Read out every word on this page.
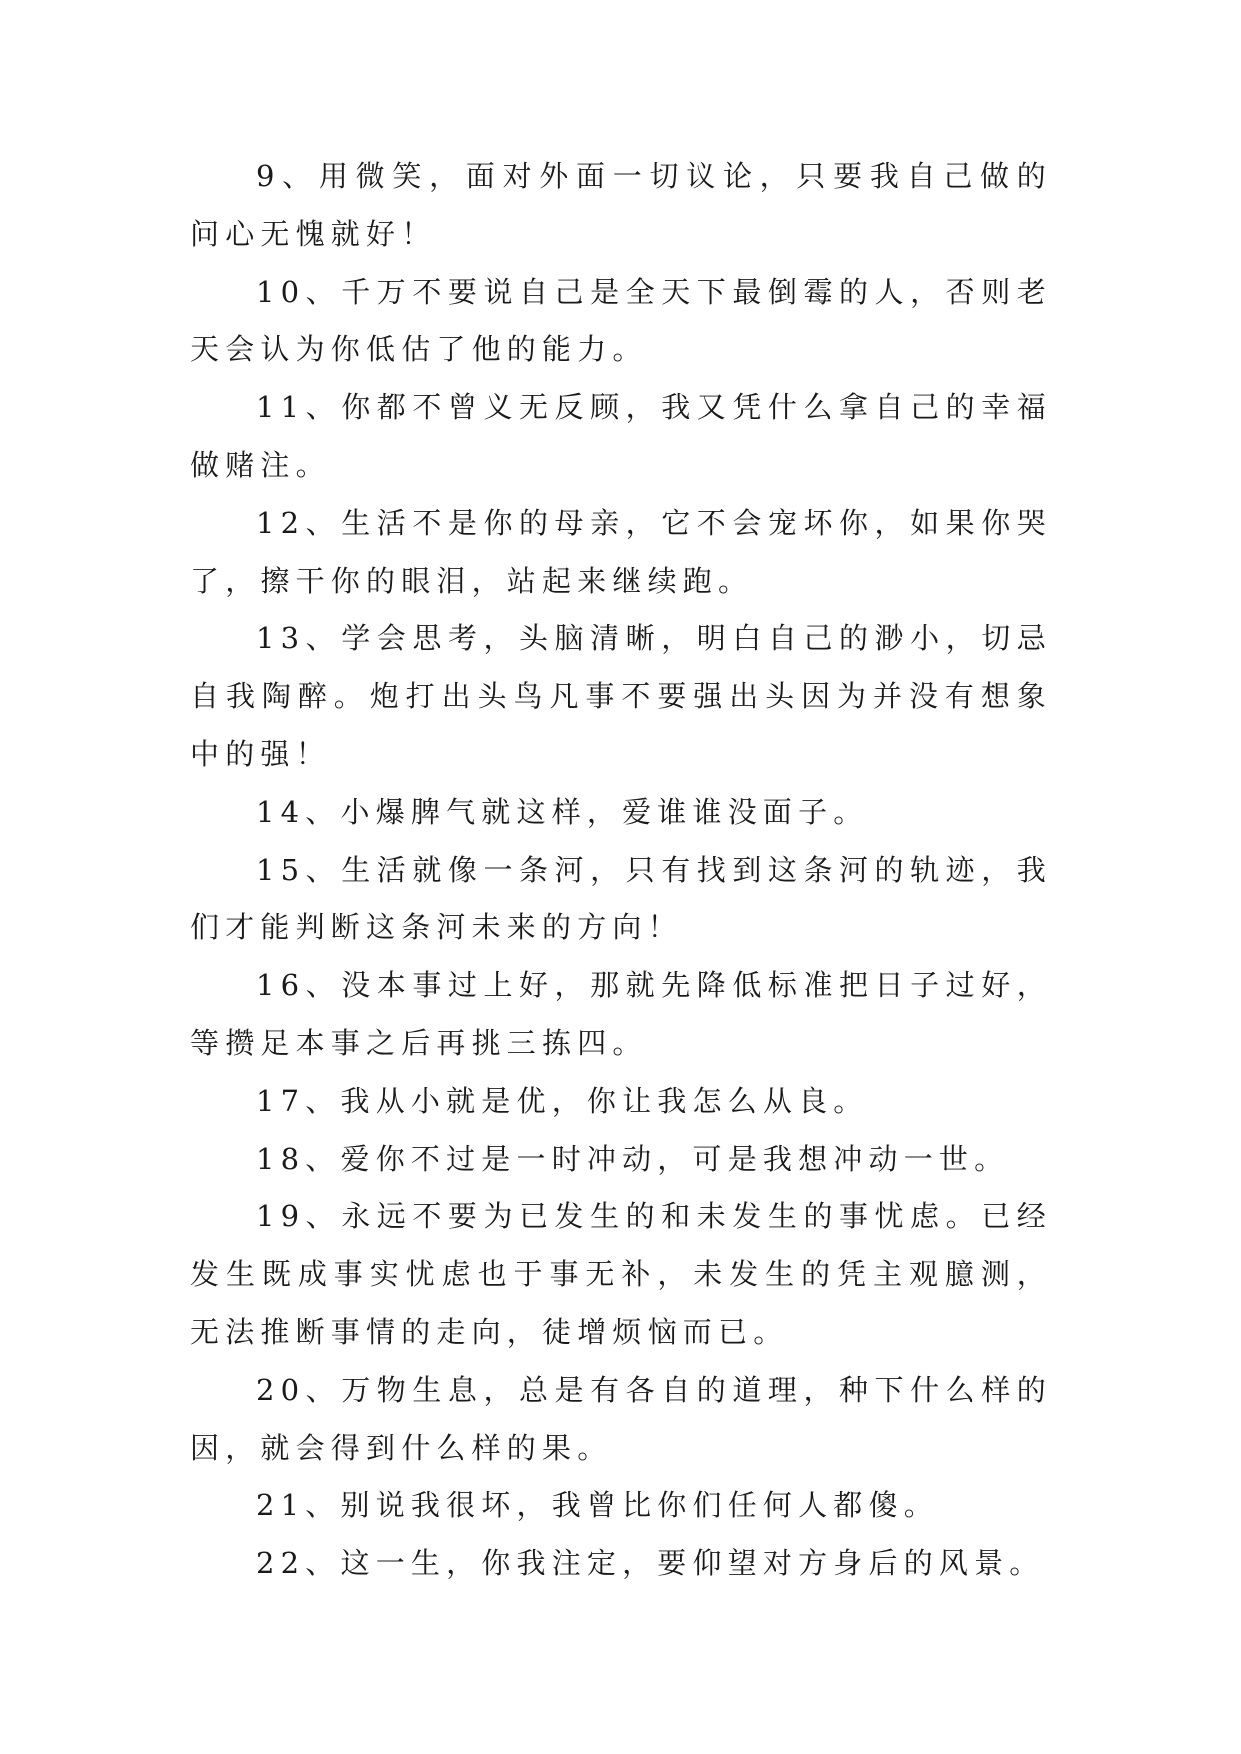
9、用微笑，面对外面一切议论，只要我自己做的问心无愧就好！

10、千万不要说自己是全天下最倒霉的人，否则老天会认为你低估了他的能力。

11、你都不曾义无反顾，我又凭什么拿自己的幸福做赌注。

12、生活不是你的母亲，它不会宠坏你，如果你哭了，擦干你的眼泪，站起来继续跑。

13、学会思考，头脑清晰，明白自己的渺小，切忌自我陶醉。炮打出头鸟凡事不要强出头因为并没有想象中的强！

14、小爆脾气就这样，爱谁谁没面子。

15、生活就像一条河，只有找到这条河的轨迹，我们才能判断这条河未来的方向！

16、没本事过上好，那就先降低标准把日子过好，等攒足本事之后再挑三拣四。

17、我从小就是优，你让我怎么从良。

18、爱你不过是一时冲动，可是我想冲动一世。

19、永远不要为已发生的和未发生的事忧虑。已经发生既成事实忧虑也于事无补，未发生的凭主观臆测，无法推断事情的走向，徒增烦恼而已。

20、万物生息，总是有各自的道理，种下什么样的因，就会得到什么样的果。

21、别说我很坏，我曾比你们任何人都傻。

22、这一生，你我注定，要仰望对方身后的风景。
